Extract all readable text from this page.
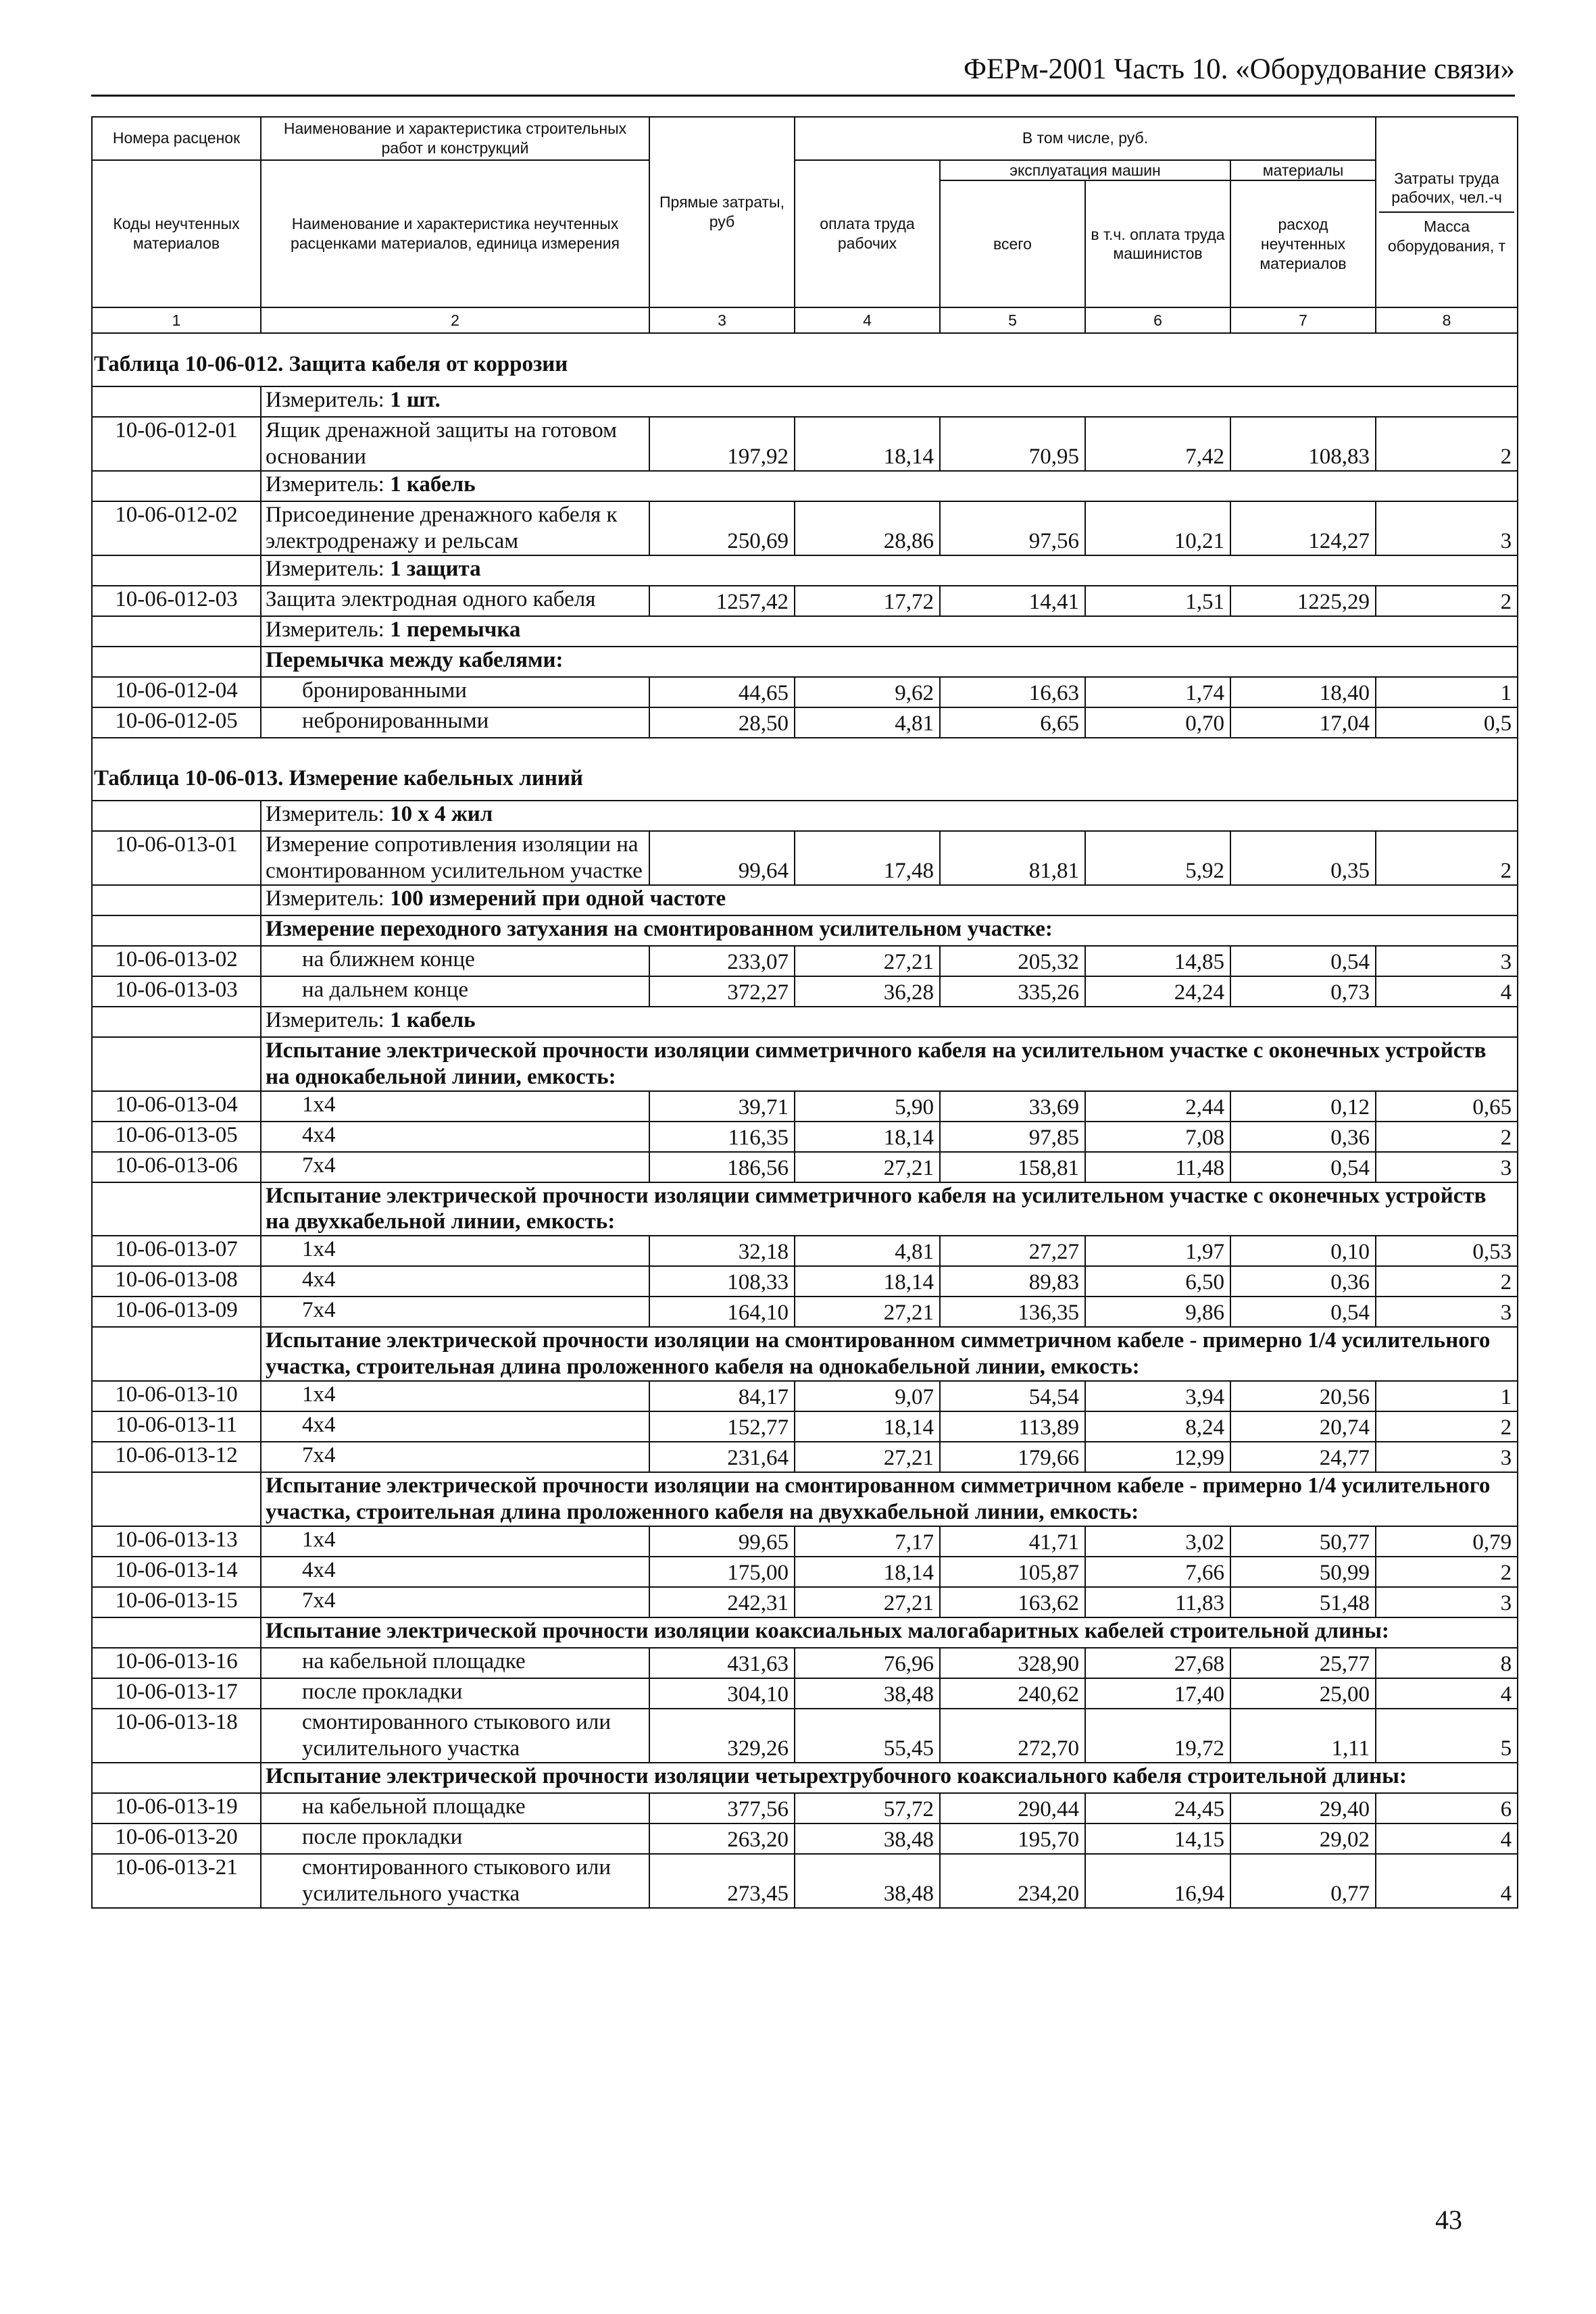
ФЕРм-2001 Часть 10. «Оборудование связи»
Номера расценок	Наименование и характеристика строительных работ и конструкций	Прямые затраты, руб	В том числе, руб.				Затраты труда рабочих, чел.-ч
Масса оборудования, т
Коды неучтенных материалов	Наименование и характеристика неучтенных расценками материалов, единица измерения		оплата труда рабочих	эксплуатация машин		материалы	
				всего	в т.ч. оплата труда машинистов	расход неучтенных материалов	
1	2	3	4	5	6	7	8
Таблица 10-06-012. Защита кабеля от коррозии							
	Измеритель: 1 шт.						
10-06-012-01	Ящик дренажной защиты на готовом основании	197,92	18,14	70,95	7,42	108,83	2
	Измеритель: 1 кабель						
10-06-012-02	Присоединение дренажного кабеля к электродренажу и рельсам	250,69	28,86	97,56	10,21	124,27	3
	Измеритель: 1 защита						
10-06-012-03	Защита электродная одного кабеля	1257,42	17,72	14,41	1,51	1225,29	2
	Измеритель: 1 перемычка						
	Перемычка между кабелями:						
10-06-012-04	бронированными	44,65	9,62	16,63	1,74	18,40	1
10-06-012-05	небронированными	28,50	4,81	6,65	0,70	17,04	0,5
Таблица 10-06-013. Измерение кабельных линий							
	Измеритель: 10 х 4 жил						
10-06-013-01	Измерение сопротивления изоляции на смонтированном усилительном участке	99,64	17,48	81,81	5,92	0,35	2
	Измеритель: 100 измерений при одной частоте						
	Измерение переходного затухания на смонтированном усилительном участке:						
10-06-013-02	на ближнем конце	233,07	27,21	205,32	14,85	0,54	3
10-06-013-03	на дальнем конце	372,27	36,28	335,26	24,24	0,73	4
	Измеритель: 1 кабель						
	Испытание электрической прочности изоляции симметричного кабеля на усилительном участке с оконечных устройств на однокабельной линии, емкость:						
10-06-013-04	1х4	39,71	5,90	33,69	2,44	0,12	0,65
10-06-013-05	4х4	116,35	18,14	97,85	7,08	0,36	2
10-06-013-06	7х4	186,56	27,21	158,81	11,48	0,54	3
	Испытание электрической прочности изоляции симметричного кабеля на усилительном участке с оконечных устройств на двухкабельной линии, емкость:						
10-06-013-07	1х4	32,18	4,81	27,27	1,97	0,10	0,53
10-06-013-08	4х4	108,33	18,14	89,83	6,50	0,36	2
10-06-013-09	7х4	164,10	27,21	136,35	9,86	0,54	3
	Испытание электрической прочности изоляции на смонтированном симметричном кабеле - примерно 1/4 усилительного участка, строительная длина проложенного кабеля на однокабельной линии, емкость:						
10-06-013-10	1х4	84,17	9,07	54,54	3,94	20,56	1
10-06-013-11	4х4	152,77	18,14	113,89	8,24	20,74	2
10-06-013-12	7х4	231,64	27,21	179,66	12,99	24,77	3
	Испытание электрической прочности изоляции на смонтированном симметричном кабеле - примерно 1/4 усилительного участка, строительная длина проложенного кабеля на двухкабельной линии, емкость:						
10-06-013-13	1х4	99,65	7,17	41,71	3,02	50,77	0,79
10-06-013-14	4х4	175,00	18,14	105,87	7,66	50,99	2
10-06-013-15	7х4	242,31	27,21	163,62	11,83	51,48	3
	Испытание электрической прочности изоляции коаксиальных малогабаритных кабелей строительной длины:						
10-06-013-16	на кабельной площадке	431,63	76,96	328,90	27,68	25,77	8
10-06-013-17	после прокладки	304,10	38,48	240,62	17,40	25,00	4
10-06-013-18	смонтированного стыкового или усилительного участка	329,26	55,45	272,70	19,72	1,11	5
	Испытание электрической прочности изоляции четырехтрубочного коаксиального кабеля строительной длины:						
10-06-013-19	на кабельной площадке	377,56	57,72	290,44	24,45	29,40	6
10-06-013-20	после прокладки	263,20	38,48	195,70	14,15	29,02	4
10-06-013-21	смонтированного стыкового или усилительного участка	273,45	38,48	234,20	16,94	0,77	4
43
